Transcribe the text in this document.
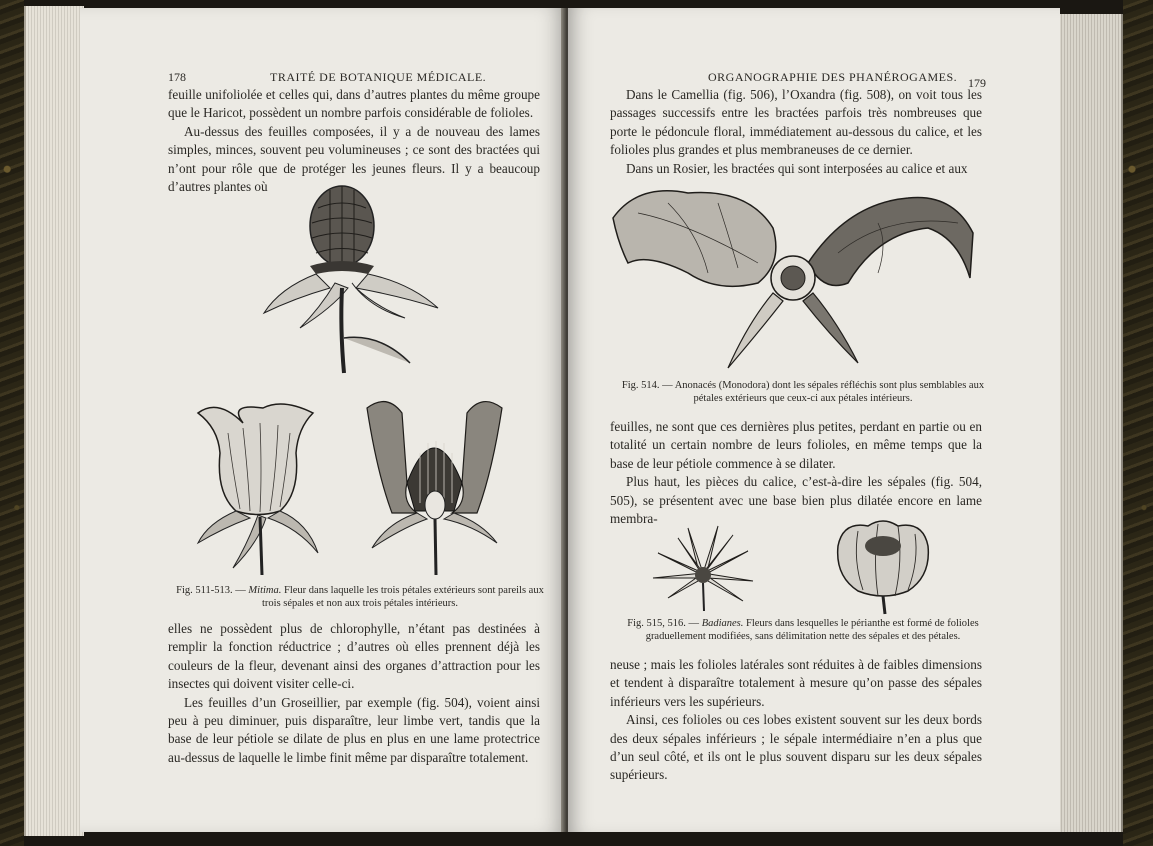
178	TRAITÉ DE BOTANIQUE MÉDICALE.

feuille unifoliolée et celles qui, dans d’autres plantes du même groupe que le Haricot, possèdent un nombre parfois considérable de folioles.

Au-dessus des feuilles composées, il y a de nouveau des lames simples, minces, souvent peu volumineuses ; ce sont des bractées qui n’ont pour rôle que de protéger les jeunes fleurs. Il y a beaucoup d’autres plantes où

Fig. 511-513. — Mitima. Fleur dans laquelle les trois pétales extérieurs sont pareils aux trois sépales et non aux trois pétales intérieurs.

elles ne possèdent plus de chlorophylle, n’étant pas destinées à remplir la fonction réductrice ; d’autres où elles prennent déjà les couleurs de la fleur, devenant ainsi des organes d’attraction pour les insectes qui doivent visiter celle-ci.

Les feuilles d’un Groseillier, par exemple (fig. 504), voient ainsi peu à peu diminuer, puis disparaître, leur limbe vert, tandis que la base de leur pétiole se dilate de plus en plus en une lame protectrice au-dessus de laquelle le limbe finit même par disparaître totalement.

ORGANOGRAPHIE DES PHANÉROGAMES. 179

Dans le Camellia (fig. 506), l’Oxandra (fig. 508), on voit tous les passages successifs entre les bractées parfois très nombreuses que porte le pédoncule floral, immédiatement au-dessous du calice, et les folioles plus grandes et plus membraneuses de ce dernier.

Dans un Rosier, les bractées qui sont interposées au calice et aux

Fig. 514. — Anonacés (Monodora) dont les sépales réfléchis sont plus semblables aux pétales extérieurs que ceux-ci aux pétales intérieurs.

feuilles, ne sont que ces dernières plus petites, perdant en partie ou en totalité un certain nombre de leurs folioles, en même temps que la base de leur pétiole commence à se dilater.

Plus haut, les pièces du calice, c’est-à-dire les sépales (fig. 504, 505), se présentent avec une base bien plus dilatée encore en lame membra-

Fig. 515, 516. — Badianes. Fleurs dans lesquelles le périanthe est formé de folioles graduellement modifiées, sans délimitation nette des sépales et des pétales.

neuse ; mais les folioles latérales sont réduites à de faibles dimensions et tendent à disparaître totalement à mesure qu’on passe des sépales inférieurs vers les supérieurs.

Ainsi, ces folioles ou ces lobes existent souvent sur les deux bords des deux sépales inférieurs ; le sépale intermédiaire n’en a plus que d’un seul côté, et ils ont le plus souvent disparu sur les deux sépales supérieurs.
